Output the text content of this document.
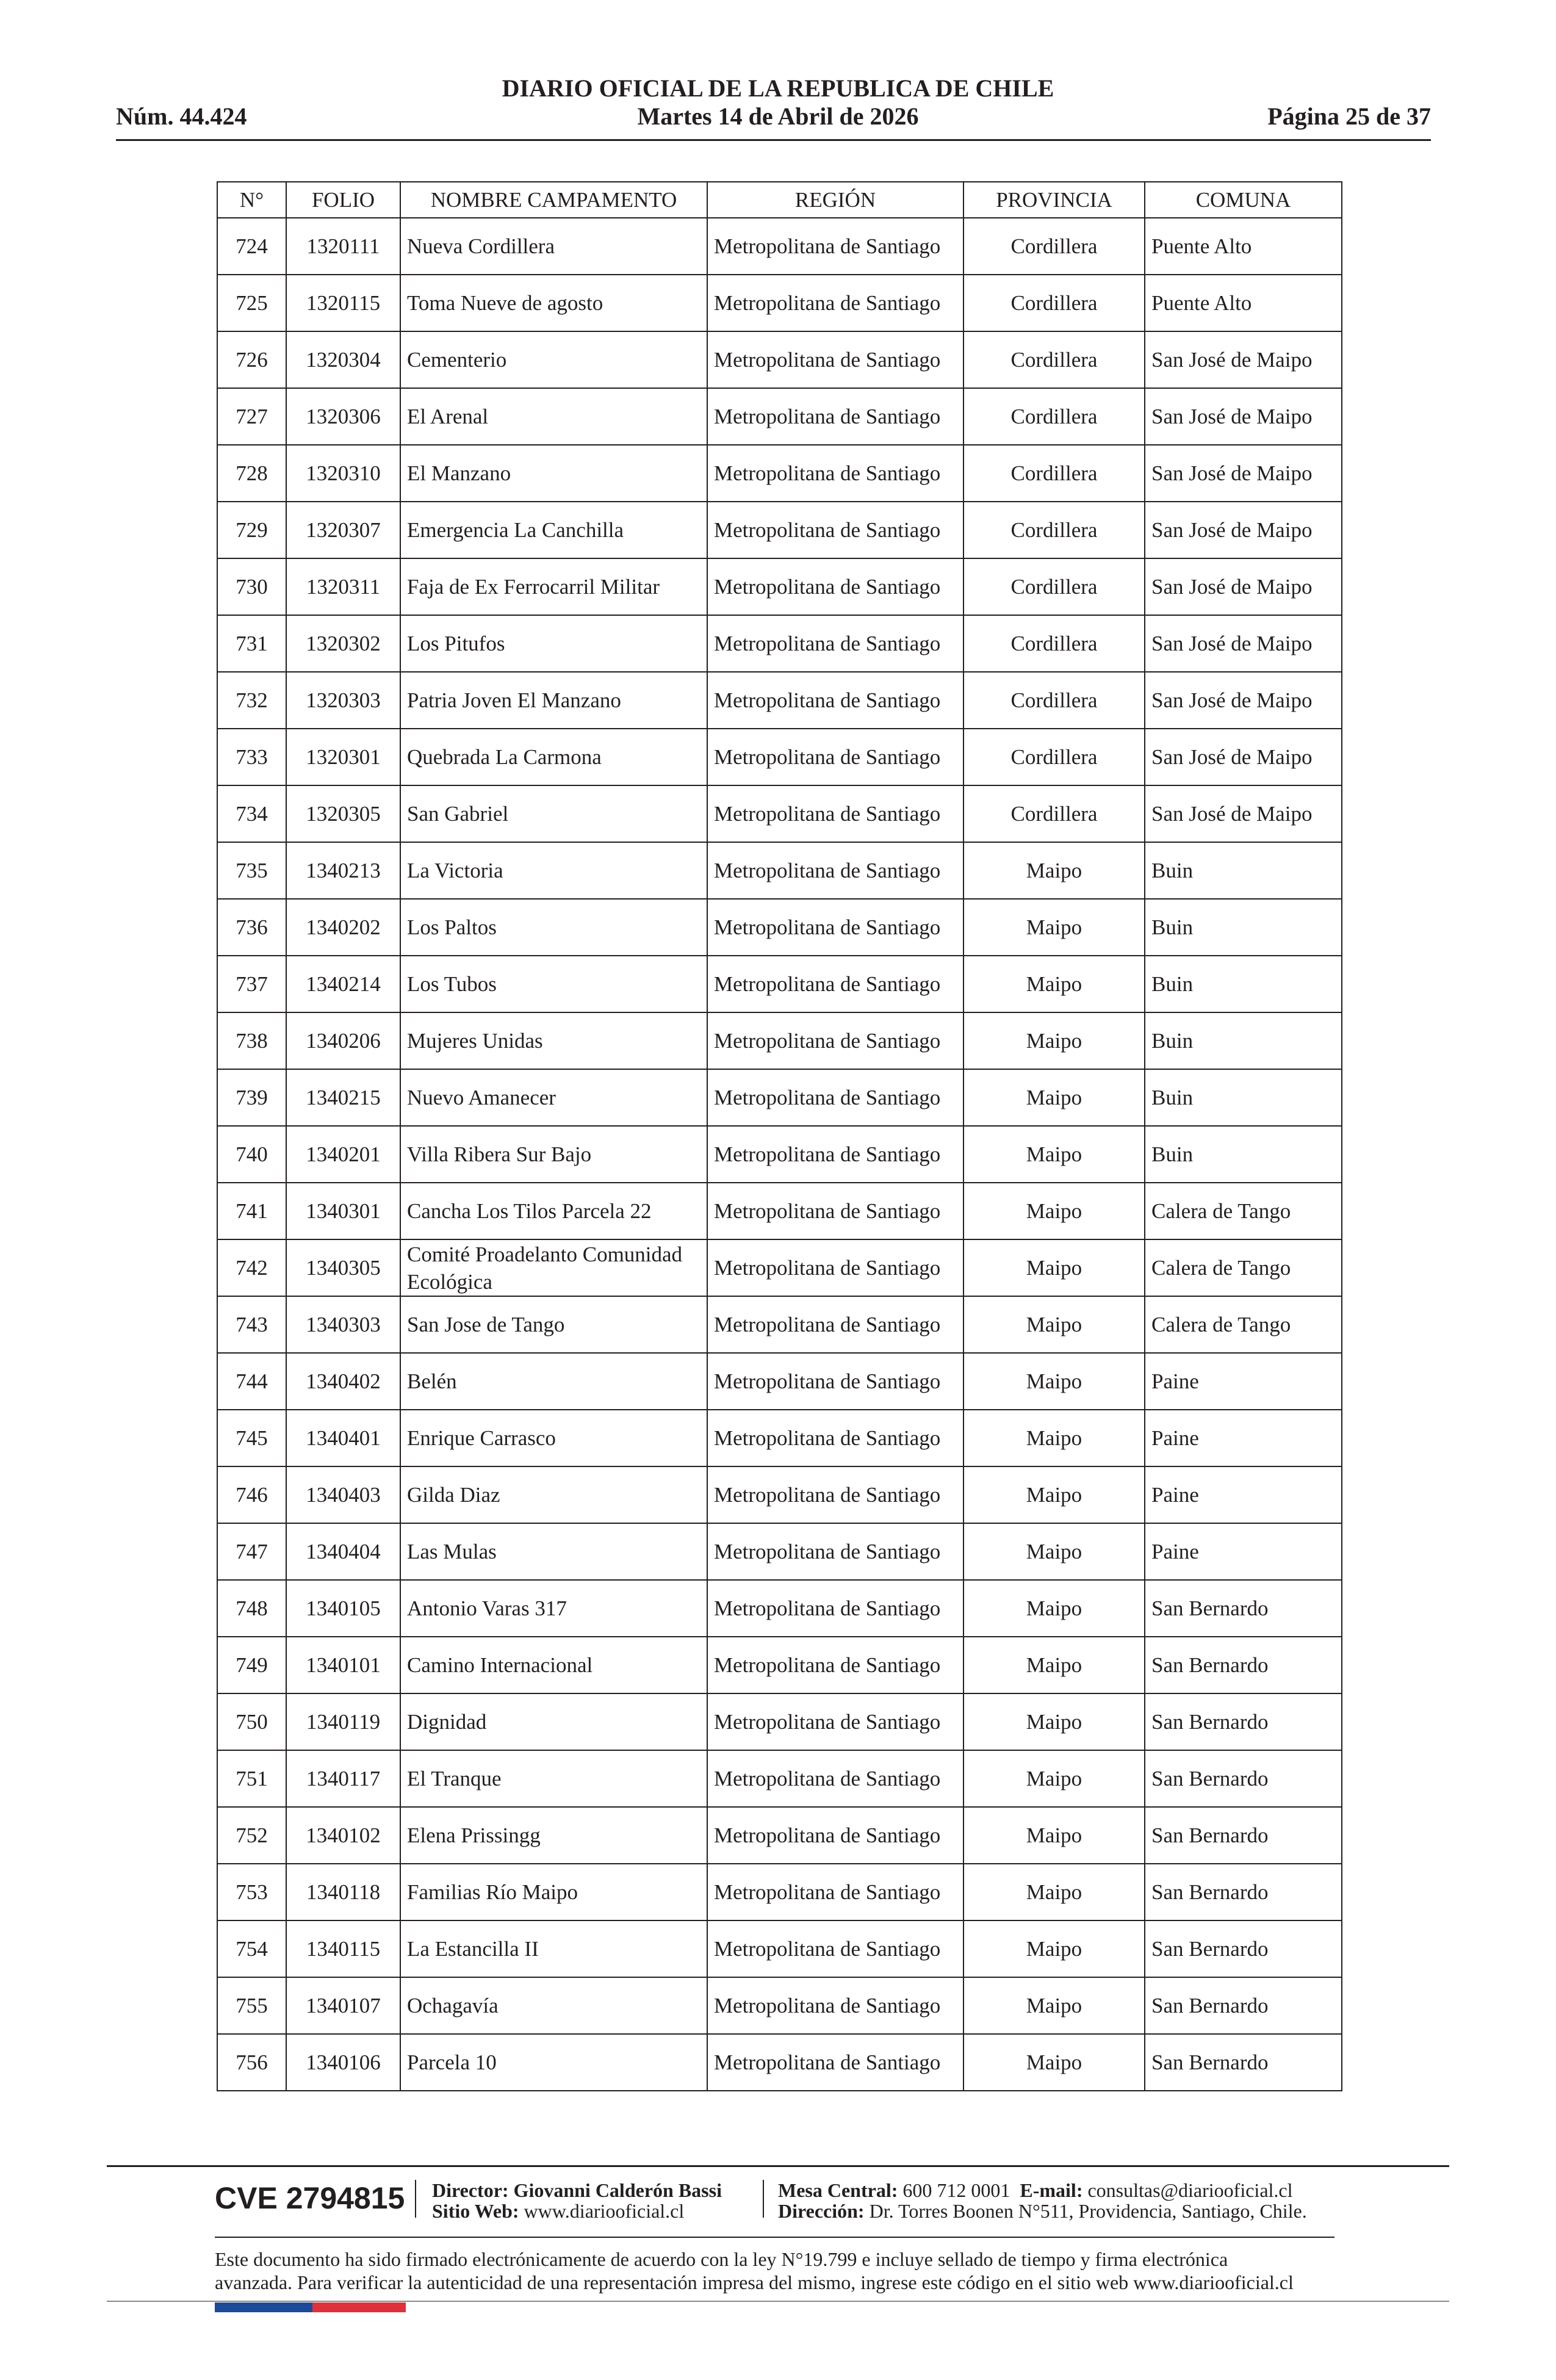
DIARIO OFICIAL DE LA REPUBLICA DE CHILE
Núm. 44.424	Martes 14 de Abril de 2026	Página 25 de 37
N°	FOLIO	NOMBRE CAMPAMENTO	REGIÓN	PROVINCIA	COMUNA
724	1320111	Nueva Cordillera	Metropolitana de Santiago	Cordillera	Puente Alto
725	1320115	Toma Nueve de agosto	Metropolitana de Santiago	Cordillera	Puente Alto
726	1320304	Cementerio	Metropolitana de Santiago	Cordillera	San José de Maipo
727	1320306	El Arenal	Metropolitana de Santiago	Cordillera	San José de Maipo
728	1320310	El Manzano	Metropolitana de Santiago	Cordillera	San José de Maipo
729	1320307	Emergencia La Canchilla	Metropolitana de Santiago	Cordillera	San José de Maipo
730	1320311	Faja de Ex Ferrocarril Militar	Metropolitana de Santiago	Cordillera	San José de Maipo
731	1320302	Los Pitufos	Metropolitana de Santiago	Cordillera	San José de Maipo
732	1320303	Patria Joven El Manzano	Metropolitana de Santiago	Cordillera	San José de Maipo
733	1320301	Quebrada La Carmona	Metropolitana de Santiago	Cordillera	San José de Maipo
734	1320305	San Gabriel	Metropolitana de Santiago	Cordillera	San José de Maipo
735	1340213	La Victoria	Metropolitana de Santiago	Maipo	Buin
736	1340202	Los Paltos	Metropolitana de Santiago	Maipo	Buin
737	1340214	Los Tubos	Metropolitana de Santiago	Maipo	Buin
738	1340206	Mujeres Unidas	Metropolitana de Santiago	Maipo	Buin
739	1340215	Nuevo Amanecer	Metropolitana de Santiago	Maipo	Buin
740	1340201	Villa Ribera Sur Bajo	Metropolitana de Santiago	Maipo	Buin
741	1340301	Cancha Los Tilos Parcela 22	Metropolitana de Santiago	Maipo	Calera de Tango
742	1340305	Comité Proadelanto Comunidad Ecológica	Metropolitana de Santiago	Maipo	Calera de Tango
743	1340303	San Jose de Tango	Metropolitana de Santiago	Maipo	Calera de Tango
744	1340402	Belén	Metropolitana de Santiago	Maipo	Paine
745	1340401	Enrique Carrasco	Metropolitana de Santiago	Maipo	Paine
746	1340403	Gilda Diaz	Metropolitana de Santiago	Maipo	Paine
747	1340404	Las Mulas	Metropolitana de Santiago	Maipo	Paine
748	1340105	Antonio Varas 317	Metropolitana de Santiago	Maipo	San Bernardo
749	1340101	Camino Internacional	Metropolitana de Santiago	Maipo	San Bernardo
750	1340119	Dignidad	Metropolitana de Santiago	Maipo	San Bernardo
751	1340117	El Tranque	Metropolitana de Santiago	Maipo	San Bernardo
752	1340102	Elena Prissingg	Metropolitana de Santiago	Maipo	San Bernardo
753	1340118	Familias Río Maipo	Metropolitana de Santiago	Maipo	San Bernardo
754	1340115	La Estancilla II	Metropolitana de Santiago	Maipo	San Bernardo
755	1340107	Ochagavía	Metropolitana de Santiago	Maipo	San Bernardo
756	1340106	Parcela 10	Metropolitana de Santiago	Maipo	San Bernardo
CVE 2794815 Director: Giovanni Calderón Bassi
Sitio Web: www.diariooficial.cl
Mesa Central: 600 712 0001 E-mail: consultas@diariooficial.cl
Dirección: Dr. Torres Boonen N°511, Providencia, Santiago, Chile.
Este documento ha sido firmado electrónicamente de acuerdo con la ley N°19.799 e incluye sellado de tiempo y firma electrónica
avanzada. Para verificar la autenticidad de una representación impresa del mismo, ingrese este código en el sitio web www.diariooficial.cl
